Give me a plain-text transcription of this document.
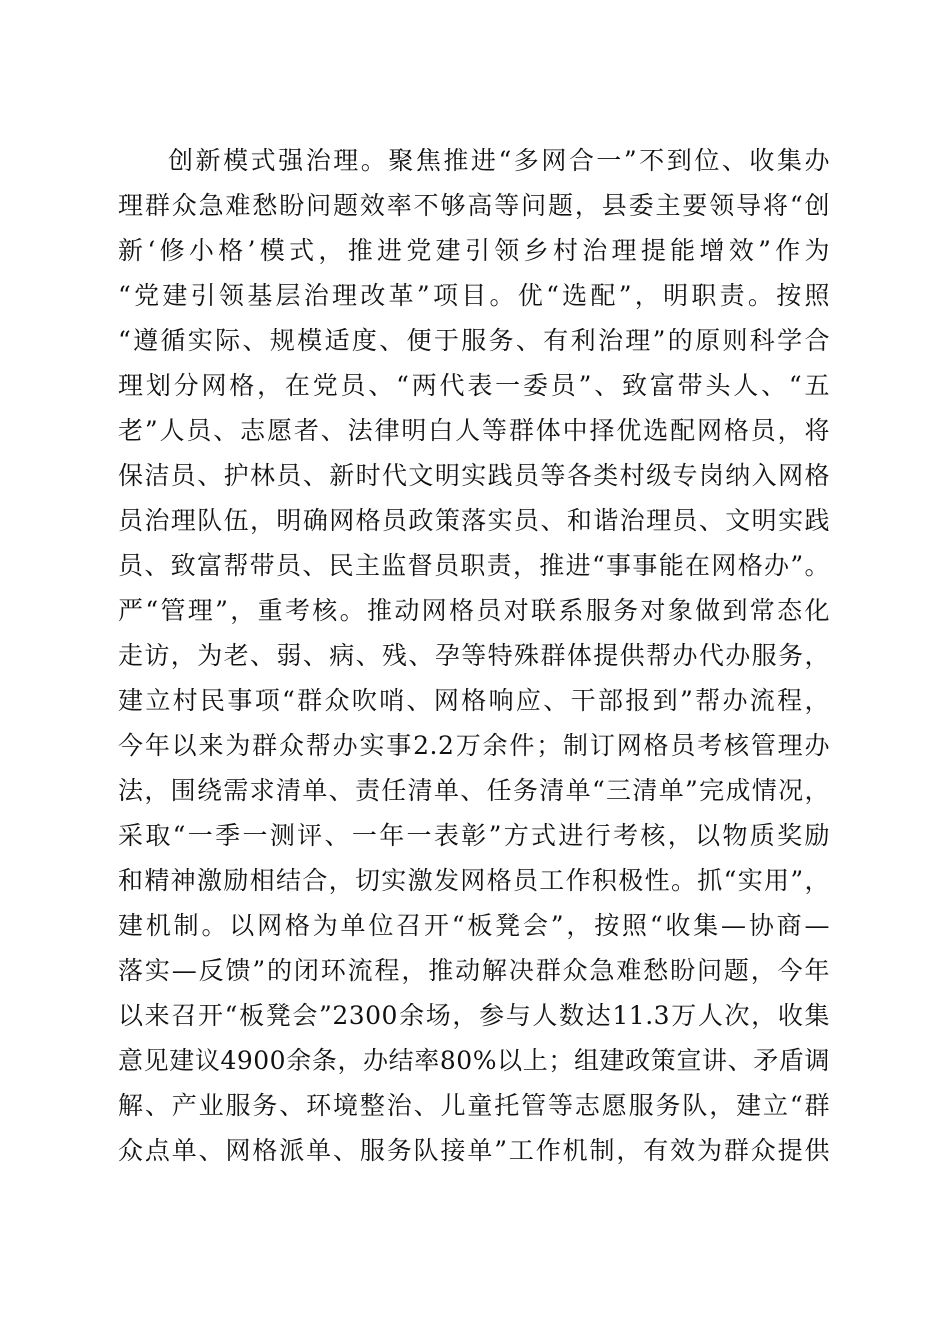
创新模式强治理。聚焦推进“多网合一”不到位、收集办
理群众急难愁盼问题效率不够高等问题，县委主要领导将“创
新‘修小格’模式，推进党建引领乡村治理提能增效”作为
“党建引领基层治理改革”项目。优“选配”，明职责。按照
“遵循实际、规模适度、便于服务、有利治理”的原则科学合
理划分网格，在党员、“两代表一委员”、致富带头人、“五
老”人员、志愿者、法律明白人等群体中择优选配网格员，将
保洁员、护林员、新时代文明实践员等各类村级专岗纳入网格
员治理队伍，明确网格员政策落实员、和谐治理员、文明实践
员、致富帮带员、民主监督员职责，推进“事事能在网格办”。
严“管理”，重考核。推动网格员对联系服务对象做到常态化
走访，为老、弱、病、残、孕等特殊群体提供帮办代办服务，
建立村民事项“群众吹哨、网格响应、干部报到”帮办流程，
今年以来为群众帮办实事2.2万余件；制订网格员考核管理办
法，围绕需求清单、责任清单、任务清单“三清单”完成情况，
采取“一季一测评、一年一表彰”方式进行考核，以物质奖励
和精神激励相结合，切实激发网格员工作积极性。抓“实用”，
建机制。以网格为单位召开“板凳会”，按照“收集—协商—
落实—反馈”的闭环流程，推动解决群众急难愁盼问题，今年
以来召开“板凳会”2300余场，参与人数达11.3万人次，收集
意见建议4900余条，办结率80%以上；组建政策宣讲、矛盾调
解、产业服务、环境整治、儿童托管等志愿服务队，建立“群
众点单、网格派单、服务队接单”工作机制，有效为群众提供
